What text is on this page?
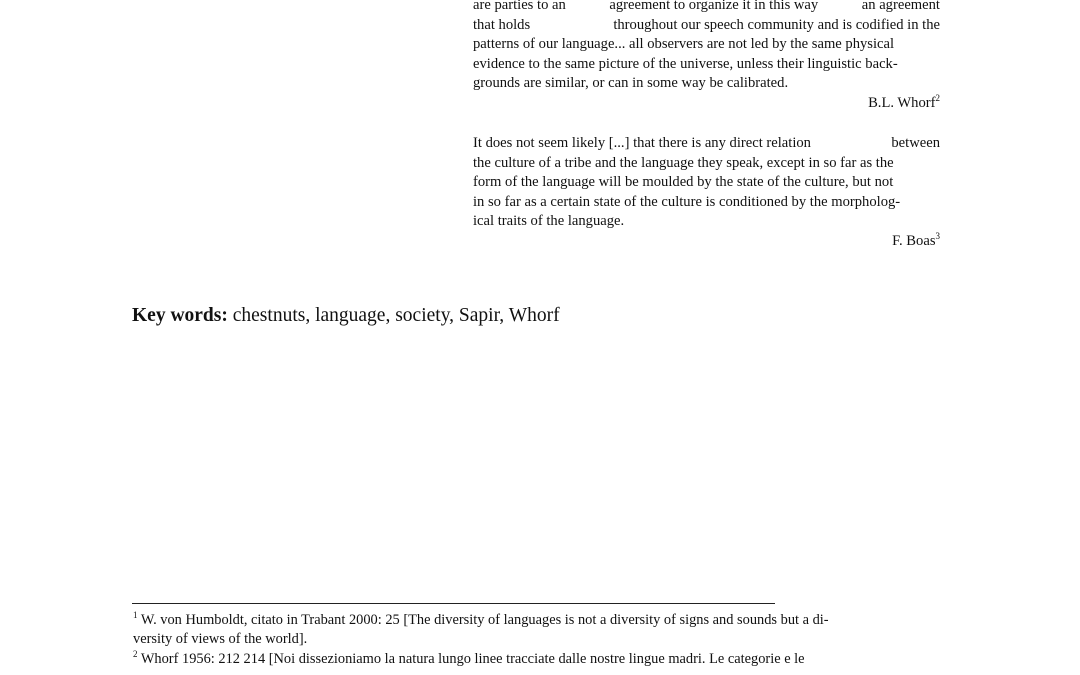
are parties to an	agreement to organize it in this way	an agreement
that holds	throughout our speech community and is codified in the
patterns of our language... all observers are not led by the same physical
evidence to the same picture of the universe, unless their linguistic back-
grounds are similar, or can in some way be calibrated.
B.L. Whorf$^2$
It does not seem likely [...] that there is any direct relation	between
the culture of a tribe and the language they speak, except in so far as the
form of the language will be moulded by the state of the culture, but not
in so far as a certain state of the culture is conditioned by the morpholog-
ical traits of the language.
F. Boas$^3$
Key words: chestnuts, language, society, Sapir, Whorf
$^1$ W. von Humboldt, citato in Trabant 2000: 25 [The diversity of languages is not a diversity of signs and sounds but a di-
versity of views of the world].
$^2$ Whorf 1956: 212 214 [Noi dissezioniamo la natura lungo linee tracciate dalle nostre lingue madri. Le categorie e le
